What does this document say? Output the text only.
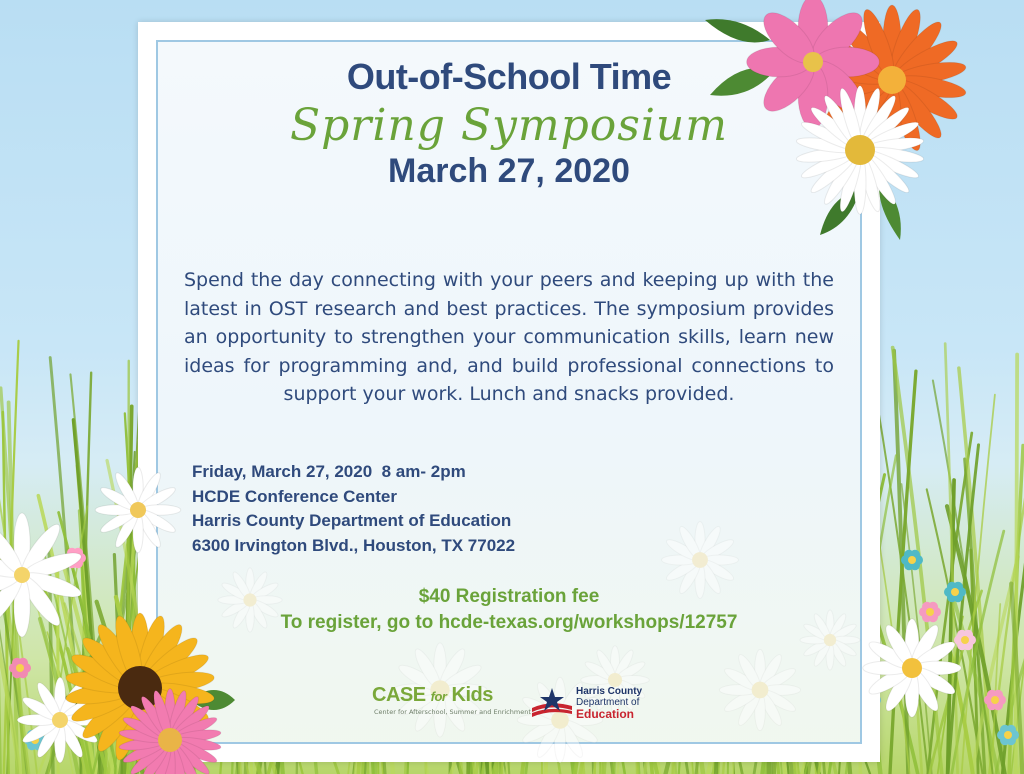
Out-of-School Time
Spring Symposium
March 27, 2020
Spend the day connecting with your peers and keeping up with the latest in OST research and best practices. The symposium provides an opportunity to strengthen your communication skills, learn new ideas for programming and, and build professional connections to support your work. Lunch and snacks provided.
Friday, March 27, 2020  8 am- 2pm
HCDE Conference Center
Harris County Department of Education
6300 Irvington Blvd., Houston, TX 77022
$40 Registration fee
To register, go to hcde-texas.org/workshops/12757
CASE for Kids
Center for Afterschool, Summer and Enrichment
Harris County
Department of
Education
